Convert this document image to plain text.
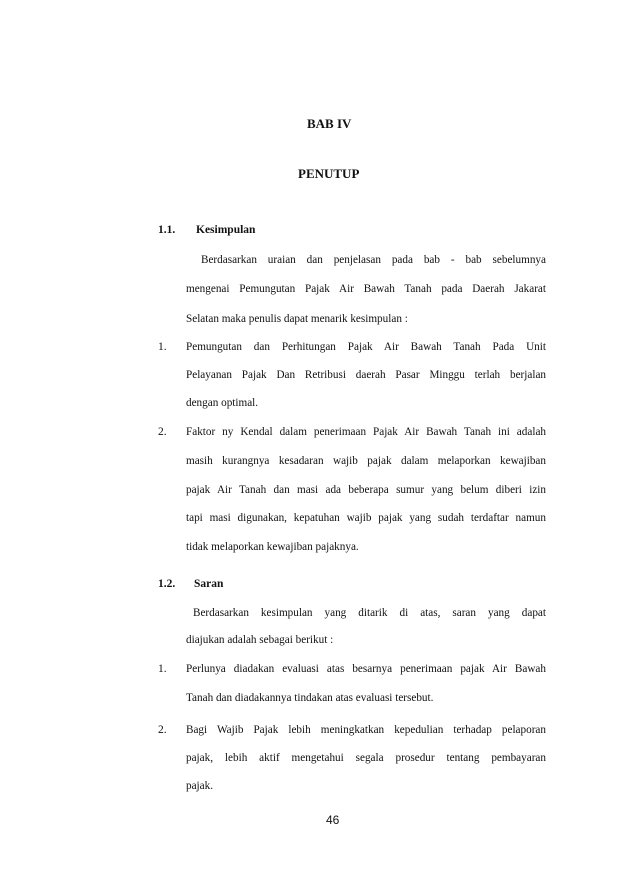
BAB IV
PENUTUP
1.1. Kesimpulan
Berdasarkan uraian dan penjelasan pada bab - bab sebelumnya
mengenai Pemungutan Pajak Air Bawah Tanah pada Daerah Jakarat
Selatan maka penulis dapat menarik kesimpulan :
1. Pemungutan dan Perhitungan Pajak Air Bawah Tanah Pada Unit
Pelayanan Pajak Dan Retribusi daerah Pasar Minggu terlah berjalan
dengan optimal.
2. Faktor ny Kendal dalam penerimaan Pajak Air Bawah Tanah ini adalah
masih kurangnya kesadaran wajib pajak dalam melaporkan kewajiban
pajak Air Tanah dan masi ada beberapa sumur yang belum diberi izin
tapi masi digunakan, kepatuhan wajib pajak yang sudah terdaftar namun
tidak melaporkan kewajiban pajaknya.
1.2. Saran
Berdasarkan kesimpulan yang ditarik di atas, saran yang dapat
diajukan adalah sebagai berikut :
1. Perlunya diadakan evaluasi atas besarnya penerimaan pajak Air Bawah
Tanah dan diadakannya tindakan atas evaluasi tersebut.
2. Bagi Wajib Pajak lebih meningkatkan kepedulian terhadap pelaporan
pajak, lebih aktif mengetahui segala prosedur tentang pembayaran
pajak.
46
